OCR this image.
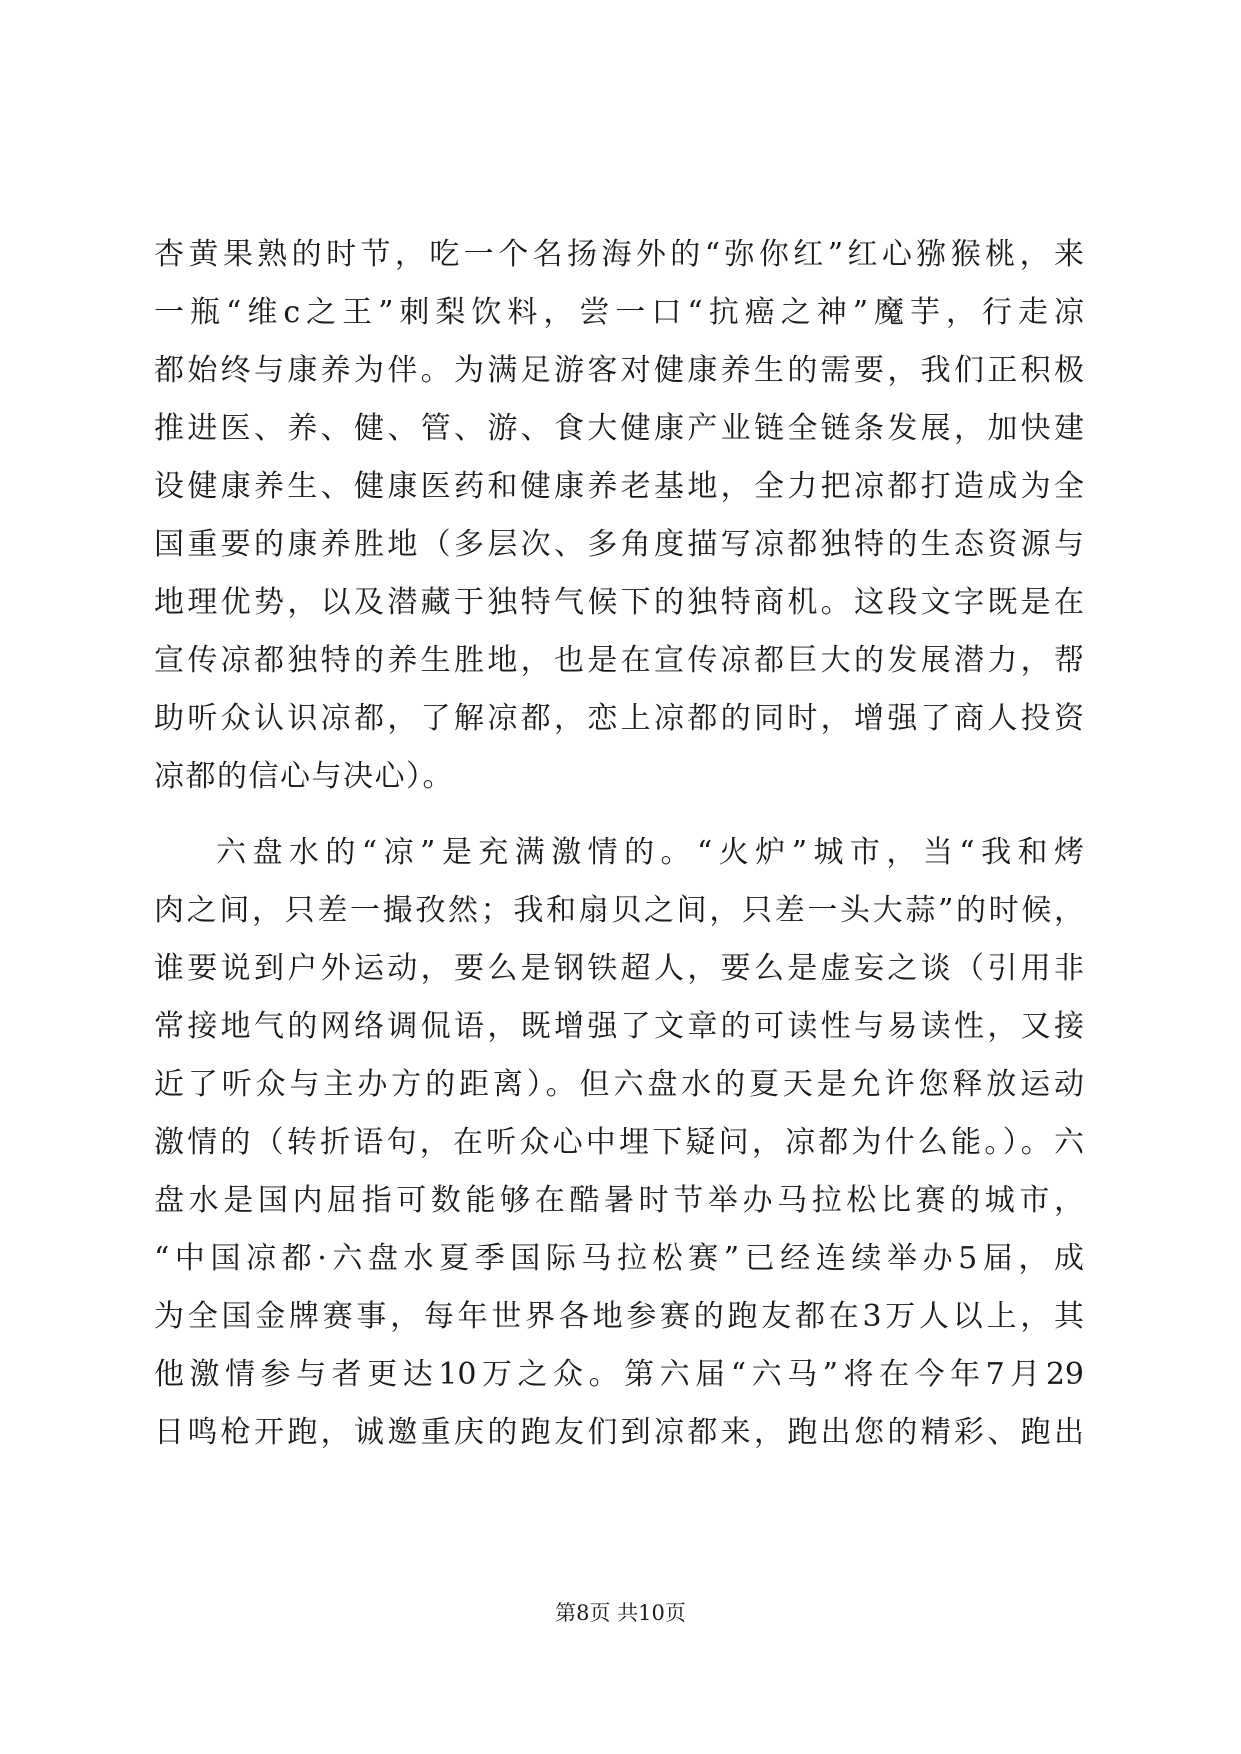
杏黄果熟的时节，吃一个名扬海外的“弥你红”红心猕猴桃，来
一瓶“维c之王”刺梨饮料，尝一口“抗癌之神”魔芋，行走凉
都始终与康养为伴。为满足游客对健康养生的需要，我们正积极
推进医、养、健、管、游、食大健康产业链全链条发展，加快建
设健康养生、健康医药和健康养老基地，全力把凉都打造成为全
国重要的康养胜地（多层次、多角度描写凉都独特的生态资源与
地理优势，以及潜藏于独特气候下的独特商机。这段文字既是在
宣传凉都独特的养生胜地，也是在宣传凉都巨大的发展潜力，帮
助听众认识凉都，了解凉都，恋上凉都的同时，增强了商人投资
凉都的信心与决心）。
六盘水的“凉”是充满激情的。“火炉”城市，当“我和烤
肉之间，只差一撮孜然；我和扇贝之间，只差一头大蒜”的时候，
谁要说到户外运动，要么是钢铁超人，要么是虚妄之谈（引用非
常接地气的网络调侃语，既增强了文章的可读性与易读性，又接
近了听众与主办方的距离）。但六盘水的夏天是允许您释放运动
激情的（转折语句，在听众心中埋下疑问，凉都为什么能。）。六
盘水是国内屈指可数能够在酷暑时节举办马拉松比赛的城市，
“中国凉都·六盘水夏季国际马拉松赛”已经连续举办5届，成
为全国金牌赛事，每年世界各地参赛的跑友都在3万人以上，其
他激情参与者更达10万之众。第六届“六马”将在今年7月29
日鸣枪开跑，诚邀重庆的跑友们到凉都来，跑出您的精彩、跑出
第8页 共10页
